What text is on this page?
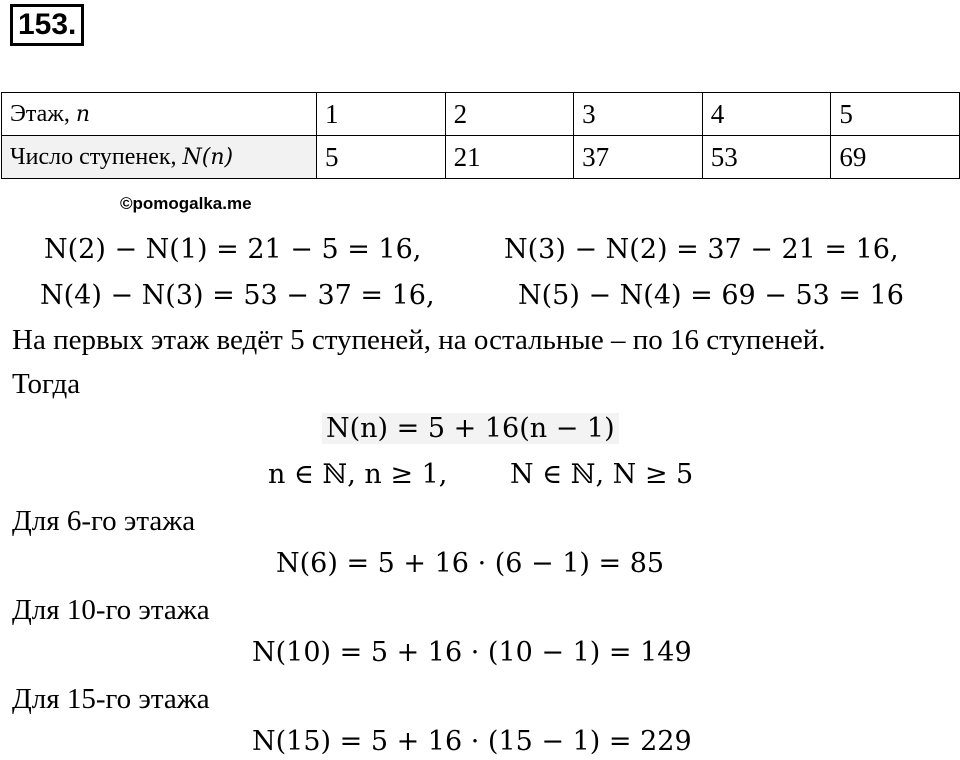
153.
Этаж, n	1	2	3	4	5
Число ступенек, N(n)	5	21	37	53	69
©pomogalka.me
N(2) − N(1) = 21 − 5 = 16,	N(3) − N(2) = 37 − 21 = 16,
N(4) − N(3) = 53 − 37 = 16,	N(5) − N(4) = 69 − 53 = 16
На первых этаж ведёт 5 ступеней, на остальные – по 16 ступеней.
Тогда
N(n) = 5 + 16(n − 1)
n ∈ ℕ, n ≥ 1, N ∈ ℕ, N ≥ 5
Для 6-го этажа
N(6) = 5 + 16 · (6 − 1) = 85
Для 10-го этажа
N(10) = 5 + 16 · (10 − 1) = 149
Для 15-го этажа
N(15) = 5 + 16 · (15 − 1) = 229
